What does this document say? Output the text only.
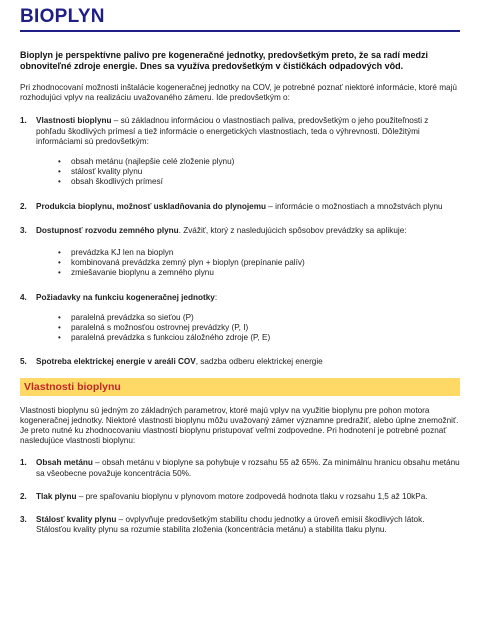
BIOPLYN

Bioplyn je perspektívne palivo pre kogeneračné jednotky, predovšetkým preto, že sa radí medzi obnoviteľné zdroje energie. Dnes sa využíva predovšetkým v čističkách odpadových vôd.

Pri zhodnocovaní možnosti inštalácie kogeneračnej jednotky na COV, je potrebné poznať niektoré informácie, ktoré majú rozhodujúci vplyv na realizáciu uvažovaného zámeru. Ide predovšetkým o:

1. Vlastnosti bioplynu – sú základnou informáciou o vlastnostiach paliva, predovšetkým o jeho použiteľnosti z pohľadu škodlivých prímesí a tiež informácie o energetických vlastnostiach, teda o výhrevnosti. Dôležitými informáciami sú predovšetkým:
• obsah metánu (najlepšie celé zloženie plynu)
• stálosť kvality plynu
• obsah škodlivých prímesí
2. Produkcia bioplynu, možnosť uskladňovania do plynojemu – informácie o možnostiach a množstvách plynu
3. Dostupnosť rozvodu zemného plynu. Zvážiť, ktorý z nasledujúcich spôsobov prevádzky sa aplikuje:
• prevádzka KJ len na bioplyn
• kombinovaná prevádzka zemný plyn + bioplyn (prepínanie palív)
• zmiešavanie bioplynu a zemného plynu
4. Požiadavky na funkciu kogeneračnej jednotky:
• paralelná prevádzka so sieťou (P)
• paralelná s možnosťou ostrovnej prevádzky (P, I)
• paralelná prevádzka s funkciou záložného zdroje (P, E)
5. Spotreba elektrickej energie v areáli COV, sadzba odberu elektrickej energie
Vlastnosti bioplynu

Vlastnosti bioplynu sú jedným zo základných parametrov, ktoré majú vplyv na využitie bioplynu pre pohon motora kogeneračnej jednotky. Niektoré vlastnosti bioplynu môžu uvažovaný zámer významne predražiť, alebo úplne znemožniť. Je preto nutné ku zhodnocovaniu vlastností bioplynu pristupovať veľmi zodpovedne. Pri hodnotení je potrebné poznať nasledujúce vlastnosti bioplynu:

1. Obsah metánu – obsah metánu v bioplyne sa pohybuje v rozsahu 55 až 65%. Za minimálnu hranicu obsahu metánu sa všeobecne považuje koncentrácia 50%.
2. Tlak plynu – pre spaľovaniu bioplynu v plynovom motore zodpovedá hodnota tlaku v rozsahu 1,5 až 10kPa.
3. Stálosť kvality plynu – ovplyvňuje predovšetkým stabilitu chodu jednotky a úroveň emisií škodlivých látok. Stálosťou kvality plynu sa rozumie stabilita zloženia (koncentrácia metánu) a stabilita tlaku plynu.
